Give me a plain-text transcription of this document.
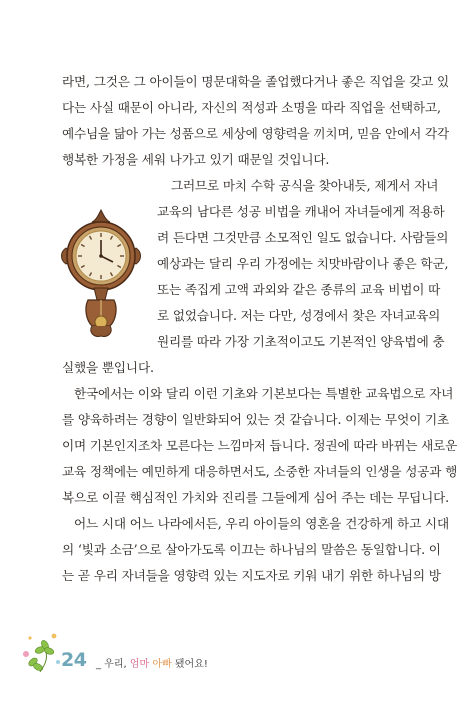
라면, 그것은 그 아이들이 명문대학을 졸업했다거나 좋은 직업을 갖고 있
다는 사실 때문이 아니라, 자신의 적성과 소명을 따라 직업을 선택하고,
예수님을 닮아 가는 성품으로 세상에 영향력을 끼치며, 믿음 안에서 각각
행복한 가정을 세워 나가고 있기 때문일 것입니다.
그러므로 마치 수학 공식을 찾아내듯, 제게서 자녀
교육의 남다른 성공 비법을 캐내어 자녀들에게 적용하
려 든다면 그것만큼 소모적인 일도 없습니다. 사람들의
예상과는 달리 우리 가정에는 치맛바람이나 좋은 학군,
또는 족집게 고액 과외와 같은 종류의 교육 비법이 따
로 없었습니다. 저는 다만, 성경에서 찾은 자녀교육의
원리를 따라 가장 기초적이고도 기본적인 양육법에 충
실했을 뿐입니다.
한국에서는 이와 달리 이런 기초와 기본보다는 특별한 교육법으로 자녀
를 양육하려는 경향이 일반화되어 있는 것 같습니다. 이제는 무엇이 기초
이며 기본인지조차 모른다는 느낌마저 듭니다. 정권에 따라 바뀌는 새로운
교육 정책에는 예민하게 대응하면서도, 소중한 자녀들의 인생을 성공과 행
복으로 이끌 핵심적인 가치와 진리를 그들에게 심어 주는 데는 무딥니다.
어느 시대 어느 나라에서든, 우리 아이들의 영혼을 건강하게 하고 시대
의 ‘빛과 소금’으로 살아가도록 이끄는 하나님의 말씀은 동일합니다. 이
는 곧 우리 자녀들을 영향력 있는 지도자로 키워 내기 위한 하나님의 방
24 _ 우리, 엄마 아빠 됐어요!
